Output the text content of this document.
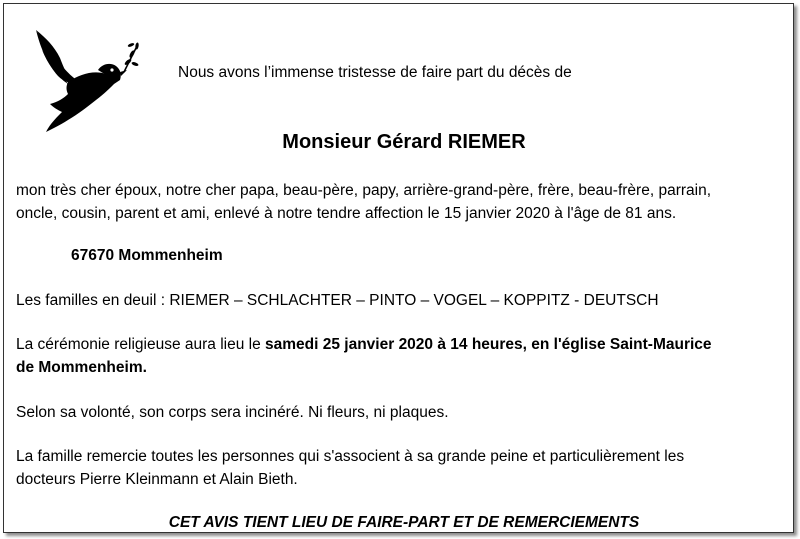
Nous avons l’immense tristesse de faire part du décès de
Monsieur Gérard RIEMER
mon très cher époux, notre cher papa, beau-père, papy, arrière-grand-père, frère, beau-frère, parrain,
oncle, cousin, parent et ami, enlevé à notre tendre affection le 15 janvier 2020 à l'âge de 81 ans.
67670 Mommenheim
Les familles en deuil : RIEMER – SCHLACHTER – PINTO – VOGEL – KOPPITZ - DEUTSCH
La cérémonie religieuse aura lieu le samedi 25 janvier 2020 à 14 heures, en l'église Saint-Maurice
de Mommenheim.
Selon sa volonté, son corps sera incinéré. Ni fleurs, ni plaques.
La famille remercie toutes les personnes qui s'associent à sa grande peine et particulièrement les
docteurs Pierre Kleinmann et Alain Bieth.
CET AVIS TIENT LIEU DE FAIRE-PART ET DE REMERCIEMENTS
